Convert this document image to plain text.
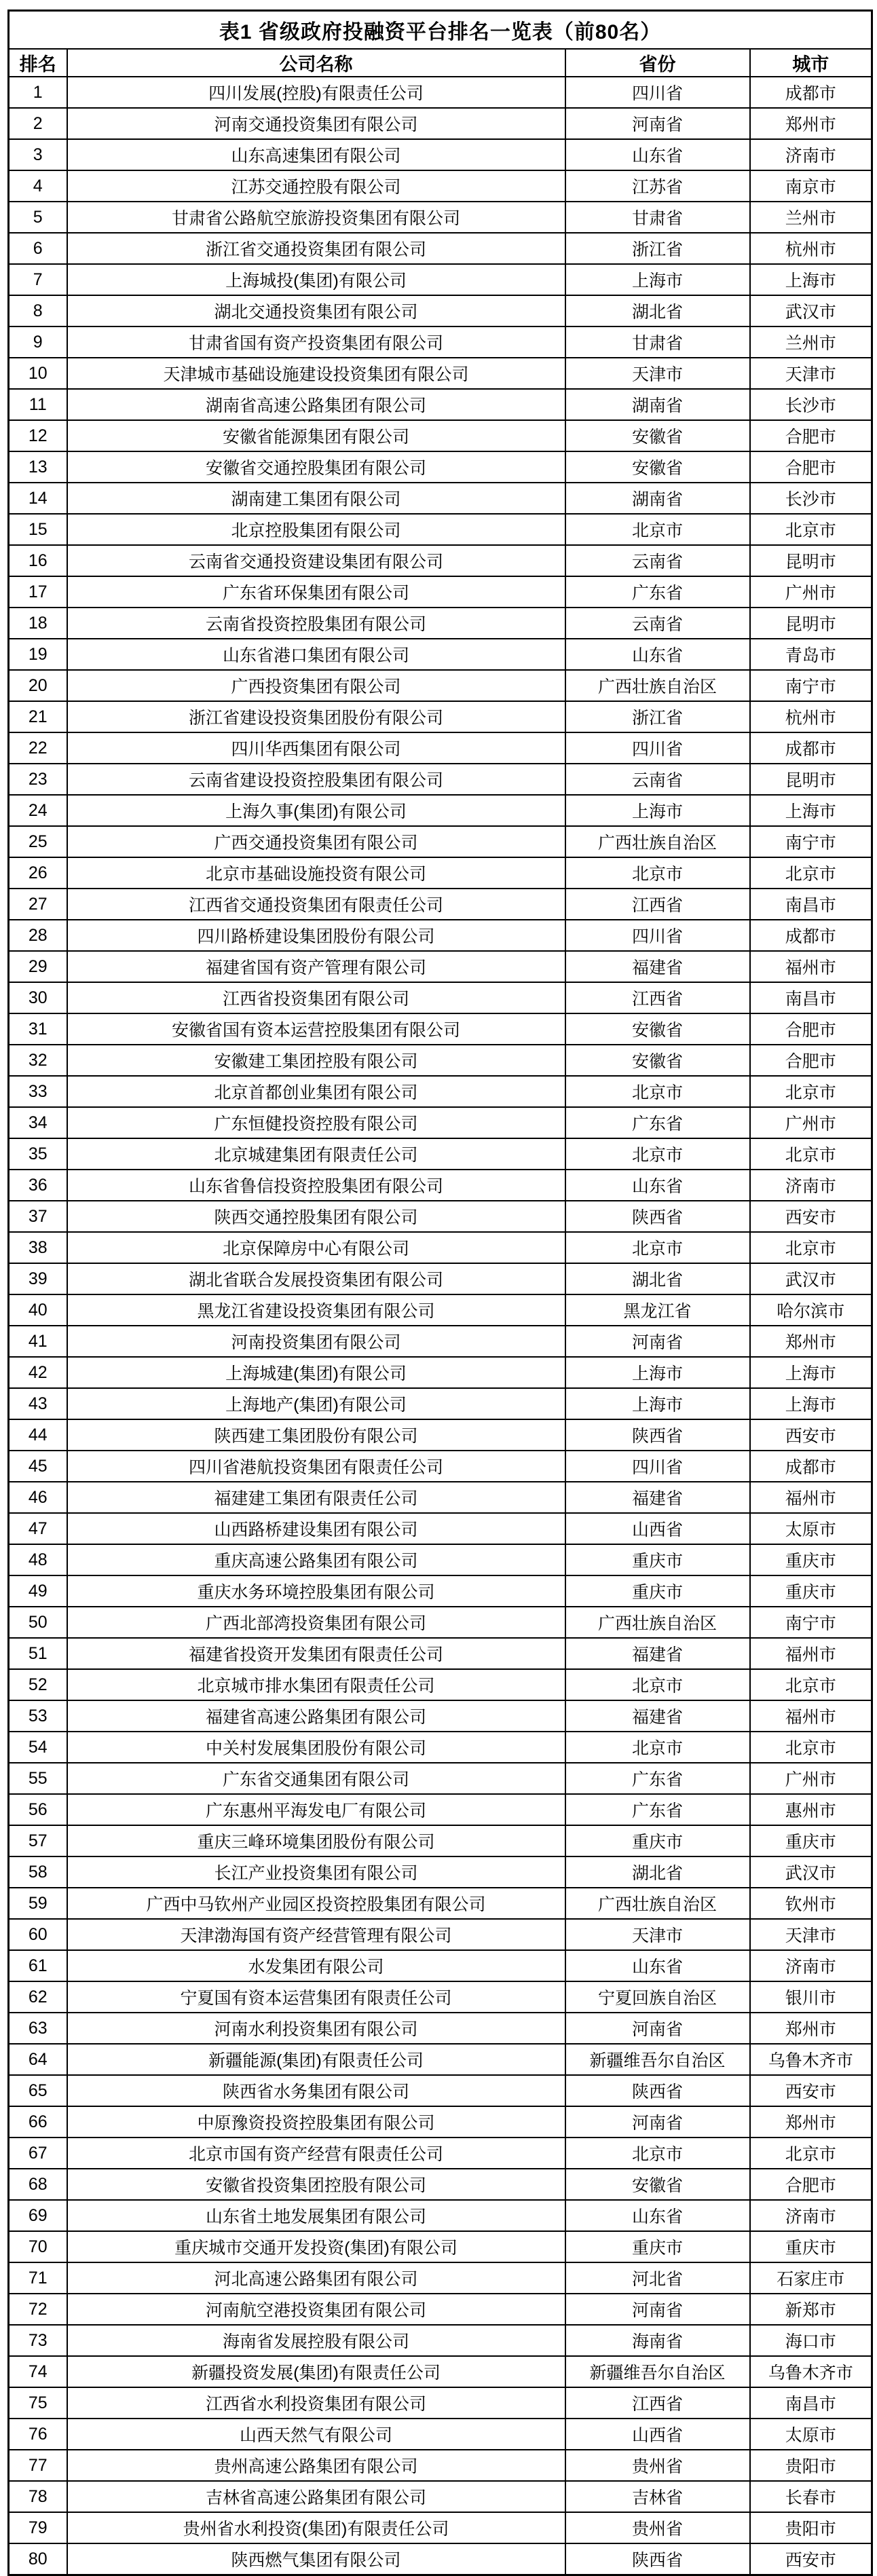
表1 省级政府投融资平台排名一览表（前80名）			
排名	公司名称	省份	城市
1	四川发展(控股)有限责任公司	四川省	成都市
2	河南交通投资集团有限公司	河南省	郑州市
3	山东高速集团有限公司	山东省	济南市
4	江苏交通控股有限公司	江苏省	南京市
5	甘肃省公路航空旅游投资集团有限公司	甘肃省	兰州市
6	浙江省交通投资集团有限公司	浙江省	杭州市
7	上海城投(集团)有限公司	上海市	上海市
8	湖北交通投资集团有限公司	湖北省	武汉市
9	甘肃省国有资产投资集团有限公司	甘肃省	兰州市
10	天津城市基础设施建设投资集团有限公司	天津市	天津市
11	湖南省高速公路集团有限公司	湖南省	长沙市
12	安徽省能源集团有限公司	安徽省	合肥市
13	安徽省交通控股集团有限公司	安徽省	合肥市
14	湖南建工集团有限公司	湖南省	长沙市
15	北京控股集团有限公司	北京市	北京市
16	云南省交通投资建设集团有限公司	云南省	昆明市
17	广东省环保集团有限公司	广东省	广州市
18	云南省投资控股集团有限公司	云南省	昆明市
19	山东省港口集团有限公司	山东省	青岛市
20	广西投资集团有限公司	广西壮族自治区	南宁市
21	浙江省建设投资集团股份有限公司	浙江省	杭州市
22	四川华西集团有限公司	四川省	成都市
23	云南省建设投资控股集团有限公司	云南省	昆明市
24	上海久事(集团)有限公司	上海市	上海市
25	广西交通投资集团有限公司	广西壮族自治区	南宁市
26	北京市基础设施投资有限公司	北京市	北京市
27	江西省交通投资集团有限责任公司	江西省	南昌市
28	四川路桥建设集团股份有限公司	四川省	成都市
29	福建省国有资产管理有限公司	福建省	福州市
30	江西省投资集团有限公司	江西省	南昌市
31	安徽省国有资本运营控股集团有限公司	安徽省	合肥市
32	安徽建工集团控股有限公司	安徽省	合肥市
33	北京首都创业集团有限公司	北京市	北京市
34	广东恒健投资控股有限公司	广东省	广州市
35	北京城建集团有限责任公司	北京市	北京市
36	山东省鲁信投资控股集团有限公司	山东省	济南市
37	陕西交通控股集团有限公司	陕西省	西安市
38	北京保障房中心有限公司	北京市	北京市
39	湖北省联合发展投资集团有限公司	湖北省	武汉市
40	黑龙江省建设投资集团有限公司	黑龙江省	哈尔滨市
41	河南投资集团有限公司	河南省	郑州市
42	上海城建(集团)有限公司	上海市	上海市
43	上海地产(集团)有限公司	上海市	上海市
44	陕西建工集团股份有限公司	陕西省	西安市
45	四川省港航投资集团有限责任公司	四川省	成都市
46	福建建工集团有限责任公司	福建省	福州市
47	山西路桥建设集团有限公司	山西省	太原市
48	重庆高速公路集团有限公司	重庆市	重庆市
49	重庆水务环境控股集团有限公司	重庆市	重庆市
50	广西北部湾投资集团有限公司	广西壮族自治区	南宁市
51	福建省投资开发集团有限责任公司	福建省	福州市
52	北京城市排水集团有限责任公司	北京市	北京市
53	福建省高速公路集团有限公司	福建省	福州市
54	中关村发展集团股份有限公司	北京市	北京市
55	广东省交通集团有限公司	广东省	广州市
56	广东惠州平海发电厂有限公司	广东省	惠州市
57	重庆三峰环境集团股份有限公司	重庆市	重庆市
58	长江产业投资集团有限公司	湖北省	武汉市
59	广西中马钦州产业园区投资控股集团有限公司	广西壮族自治区	钦州市
60	天津渤海国有资产经营管理有限公司	天津市	天津市
61	水发集团有限公司	山东省	济南市
62	宁夏国有资本运营集团有限责任公司	宁夏回族自治区	银川市
63	河南水利投资集团有限公司	河南省	郑州市
64	新疆能源(集团)有限责任公司	新疆维吾尔自治区	乌鲁木齐市
65	陕西省水务集团有限公司	陕西省	西安市
66	中原豫资投资控股集团有限公司	河南省	郑州市
67	北京市国有资产经营有限责任公司	北京市	北京市
68	安徽省投资集团控股有限公司	安徽省	合肥市
69	山东省土地发展集团有限公司	山东省	济南市
70	重庆城市交通开发投资(集团)有限公司	重庆市	重庆市
71	河北高速公路集团有限公司	河北省	石家庄市
72	河南航空港投资集团有限公司	河南省	新郑市
73	海南省发展控股有限公司	海南省	海口市
74	新疆投资发展(集团)有限责任公司	新疆维吾尔自治区	乌鲁木齐市
75	江西省水利投资集团有限公司	江西省	南昌市
76	山西天然气有限公司	山西省	太原市
77	贵州高速公路集团有限公司	贵州省	贵阳市
78	吉林省高速公路集团有限公司	吉林省	长春市
79	贵州省水利投资(集团)有限责任公司	贵州省	贵阳市
80	陕西燃气集团有限公司	陕西省	西安市
